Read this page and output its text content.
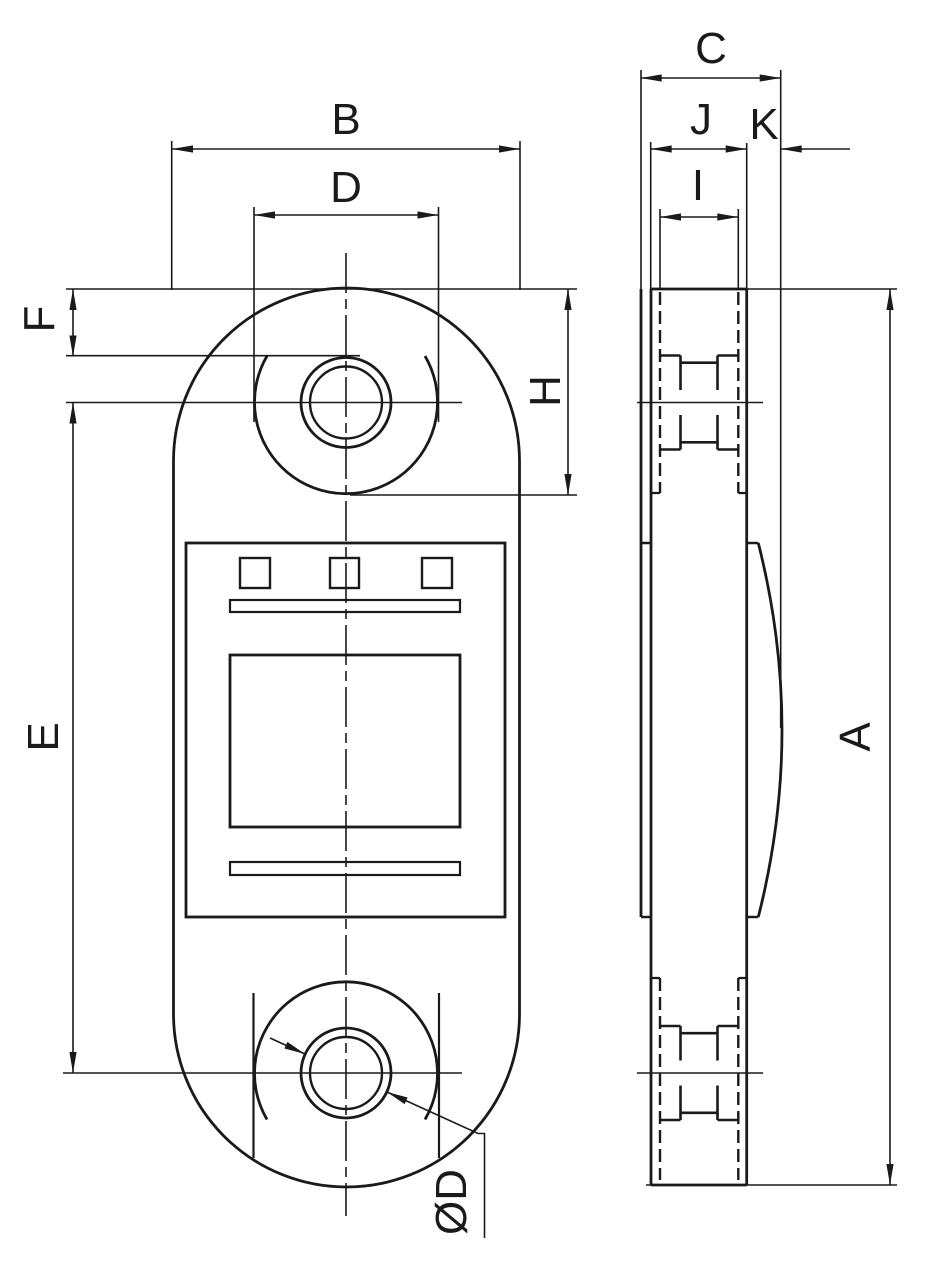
B
D
C
J K
I
F
E
H
A
ØD
